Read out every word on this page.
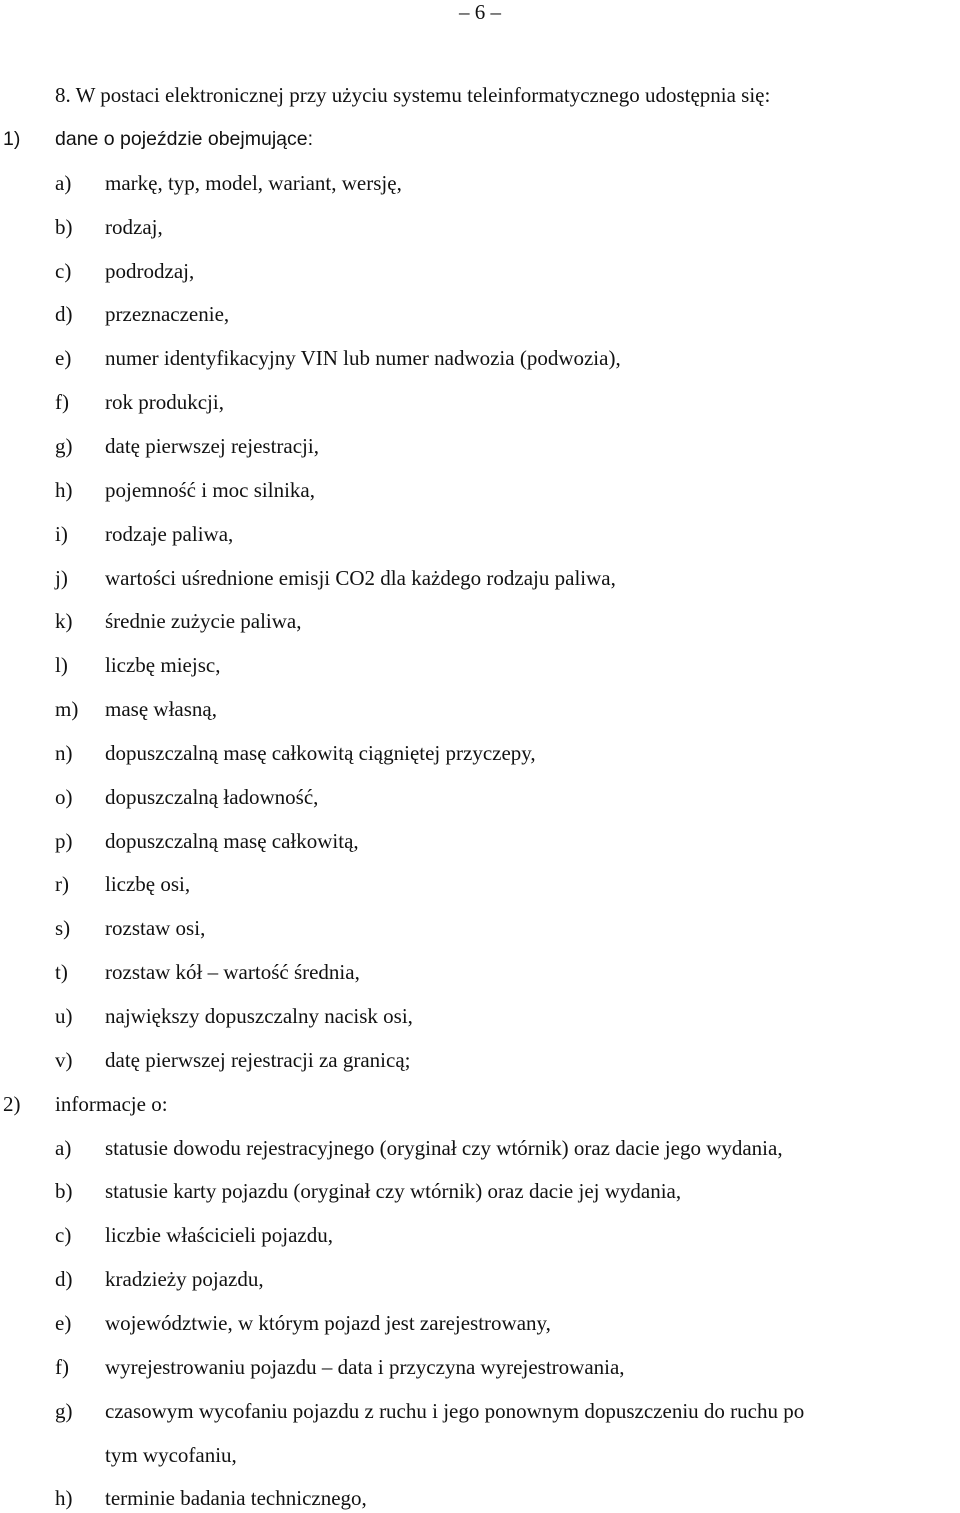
– 6 –
8. W postaci elektronicznej przy użyciu systemu teleinformatycznego udostępnia się:
1) dane o pojeździe obejmujące:
a) markę, typ, model, wariant, wersję,
b) rodzaj,
c) podrodzaj,
d) przeznaczenie,
e) numer identyfikacyjny VIN lub numer nadwozia (podwozia),
f) rok produkcji,
g) datę pierwszej rejestracji,
h) pojemność i moc silnika,
i) rodzaje paliwa,
j) wartości uśrednione emisji CO2 dla każdego rodzaju paliwa,
k) średnie zużycie paliwa,
l) liczbę miejsc,
m) masę własną,
n) dopuszczalną masę całkowitą ciągniętej przyczepy,
o) dopuszczalną ładowność,
p) dopuszczalną masę całkowitą,
r) liczbę osi,
s) rozstaw osi,
t) rozstaw kół – wartość średnia,
u) największy dopuszczalny nacisk osi,
v) datę pierwszej rejestracji za granicą;
2) informacje o:
a) statusie dowodu rejestracyjnego (oryginał czy wtórnik) oraz dacie jego wydania,
b) statusie karty pojazdu (oryginał czy wtórnik) oraz dacie jej wydania,
c) liczbie właścicieli pojazdu,
d) kradzieży pojazdu,
e) województwie, w którym pojazd jest zarejestrowany,
f) wyrejestrowaniu pojazdu – data i przyczyna wyrejestrowania,
g) czasowym wycofaniu pojazdu z ruchu i jego ponownym dopuszczeniu do ruchu po
tym wycofaniu,
h) terminie badania technicznego,
